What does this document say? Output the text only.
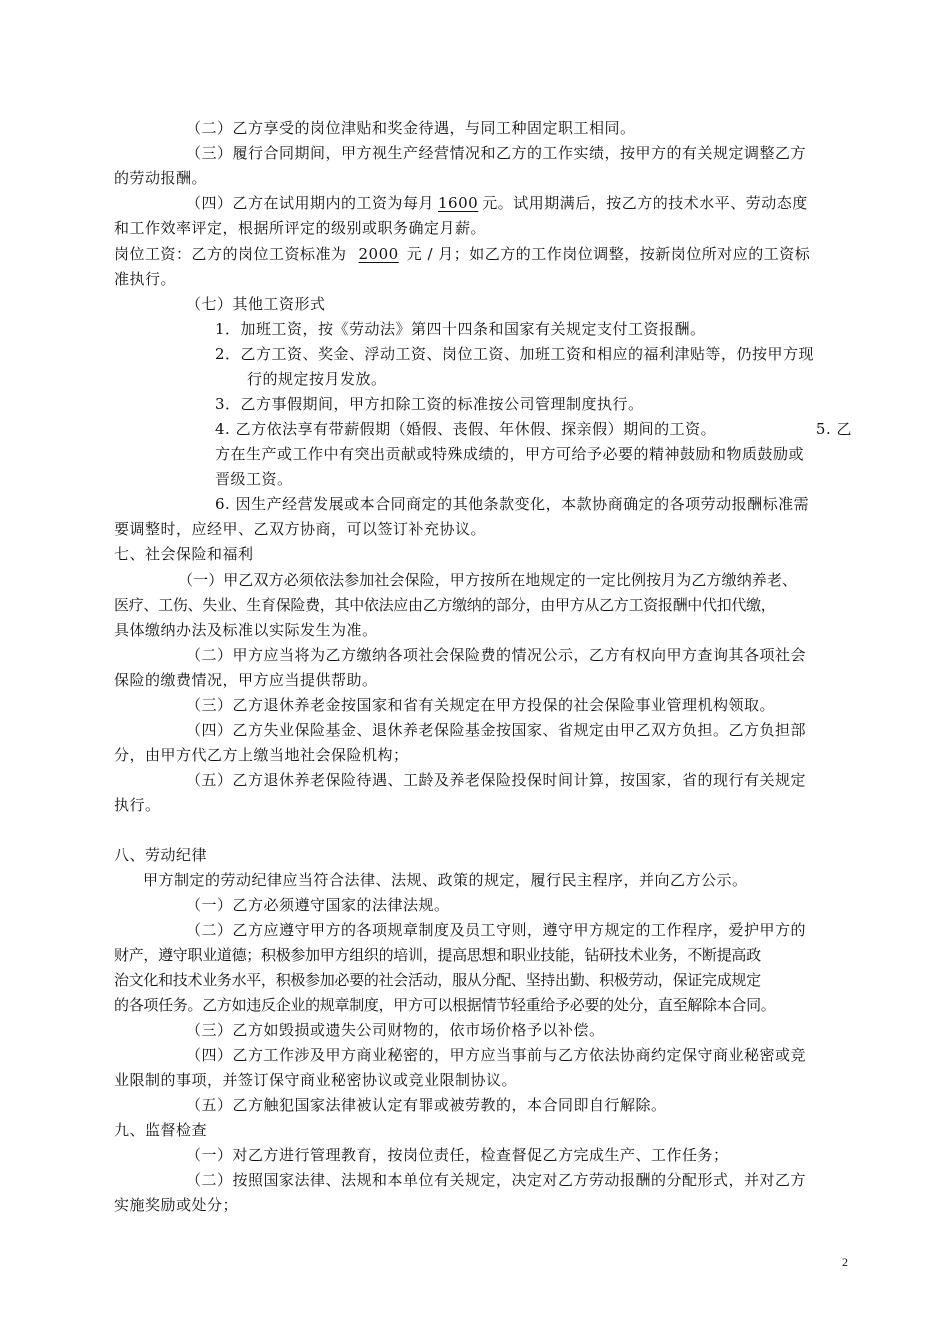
（二）乙方享受的岗位津贴和奖金待遇，与同工种固定职工相同。
（三）履行合同期间，甲方视生产经营情况和乙方的工作实绩，按甲方的有关规定调整乙方
的劳动报酬。
（四）乙方在试用期内的工资为每月 1600 元。试用期满后，按乙方的技术水平、劳动态度
和工作效率评定，根据所评定的级别或职务确定月薪。
岗位工资：乙方的岗位工资标准为 2000 元 / 月；如乙方的工作岗位调整，按新岗位所对应的工资标
准执行。
（七）其他工资形式
1．加班工资，按《劳动法》第四十四条和国家有关规定支付工资报酬。
2．乙方工资、奖金、浮动工资、岗位工资、加班工资和相应的福利津贴等，仍按甲方现
行的规定按月发放。
3．乙方事假期间，甲方扣除工资的标准按公司管理制度执行。
4. 乙方依法享有带薪假期（婚假、丧假、年休假、探亲假）期间的工资。	5. 乙
方在生产或工作中有突出贡献或特殊成绩的，甲方可给予必要的精神鼓励和物质鼓励或
晋级工资。
6. 因生产经营发展或本合同商定的其他条款变化，本款协商确定的各项劳动报酬标准需
要调整时，应经甲、乙双方协商，可以签订补充协议。
七、社会保险和福利
（一）甲乙双方必须依法参加社会保险，甲方按所在地规定的一定比例按月为乙方缴纳养老、
医疗、工伤、失业、生育保险费，其中依法应由乙方缴纳的部分，由甲方从乙方工资报酬中代扣代缴，
具体缴纳办法及标准以实际发生为准。
（二）甲方应当将为乙方缴纳各项社会保险费的情况公示，乙方有权向甲方查询其各项社会
保险的缴费情况，甲方应当提供帮助。
（三）乙方退休养老金按国家和省有关规定在甲方投保的社会保险事业管理机构领取。
（四）乙方失业保险基金、退休养老保险基金按国家、省规定由甲乙双方负担。乙方负担部
分，由甲方代乙方上缴当地社会保险机构；
（五）乙方退休养老保险待遇、工龄及养老保险投保时间计算，按国家，省的现行有关规定
执行。
八、劳动纪律
甲方制定的劳动纪律应当符合法律、法规、政策的规定，履行民主程序，并向乙方公示。
（一）乙方必须遵守国家的法律法规。
（二）乙方应遵守甲方的各项规章制度及员工守则，遵守甲方规定的工作程序，爱护甲方的
财产，遵守职业道德；积极参加甲方组织的培训，提高思想和职业技能，钻研技术业务，不断提高政
治文化和技术业务水平，积极参加必要的社会活动，服从分配、坚持出勤、积极劳动，保证完成规定
的各项任务。乙方如违反企业的规章制度，甲方可以根据情节轻重给予必要的处分，直至解除本合同。
（三）乙方如毁损或遗失公司财物的，依市场价格予以补偿。
（四）乙方工作涉及甲方商业秘密的，甲方应当事前与乙方依法协商约定保守商业秘密或竞
业限制的事项，并签订保守商业秘密协议或竞业限制协议。
（五）乙方触犯国家法律被认定有罪或被劳教的，本合同即自行解除。
九、监督检查
（一）对乙方进行管理教育，按岗位责任，检查督促乙方完成生产、工作任务；
（二）按照国家法律、法规和本单位有关规定，决定对乙方劳动报酬的分配形式，并对乙方
实施奖励或处分；
2
